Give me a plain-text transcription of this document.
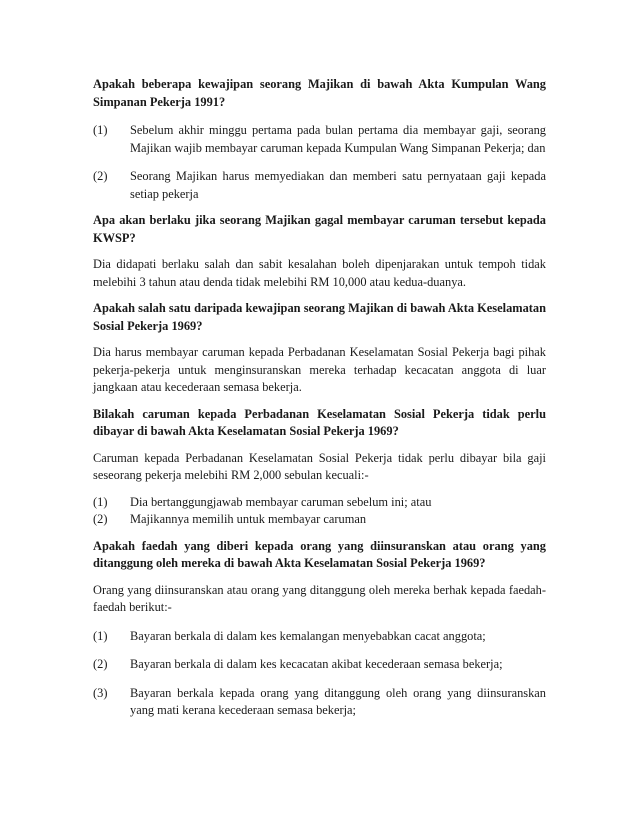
Apakah beberapa kewajipan seorang Majikan di bawah Akta Kumpulan Wang Simpanan Pekerja 1991?

(1)	Sebelum akhir minggu pertama pada bulan pertama dia membayar gaji, seorang Majikan wajib membayar caruman kepada Kumpulan Wang Simpanan Pekerja; dan
(2)	Seorang Majikan harus memyediakan dan memberi satu pernyataan gaji kepada setiap pekerja

Apa akan berlaku jika seorang Majikan gagal membayar caruman tersebut kepada KWSP?

Dia didapati berlaku salah dan sabit kesalahan boleh dipenjarakan untuk tempoh tidak melebihi 3 tahun atau denda tidak melebihi RM 10,000 atau kedua-duanya.

Apakah salah satu daripada kewajipan seorang Majikan di bawah Akta Keselamatan Sosial Pekerja 1969?

Dia harus membayar caruman kepada Perbadanan Keselamatan Sosial Pekerja bagi pihak pekerja-pekerja untuk menginsuranskan mereka terhadap kecacatan anggota di luar jangkaan atau kecederaan semasa bekerja.

Bilakah caruman kepada Perbadanan Keselamatan Sosial Pekerja tidak perlu dibayar di bawah Akta Keselamatan Sosial Pekerja 1969?

Caruman kepada Perbadanan Keselamatan Sosial Pekerja tidak perlu dibayar bila gaji seseorang pekerja melebihi RM 2,000 sebulan kecuali:-

(1)	Dia bertanggungjawab membayar caruman sebelum ini; atau
(2)	Majikannya memilih untuk membayar caruman

Apakah faedah yang diberi kepada orang yang diinsuranskan atau orang yang ditanggung oleh mereka di bawah Akta Keselamatan Sosial Pekerja 1969?

Orang yang diinsuranskan atau orang yang ditanggung oleh mereka berhak kepada faedah-faedah berikut:-

(1)	Bayaran berkala di dalam kes kemalangan menyebabkan cacat anggota;
(2)	Bayaran berkala di dalam kes kecacatan akibat kecederaan semasa bekerja;
(3)	Bayaran berkala kepada orang yang ditanggung oleh orang yang diinsuranskan yang mati kerana kecederaan semasa bekerja;
